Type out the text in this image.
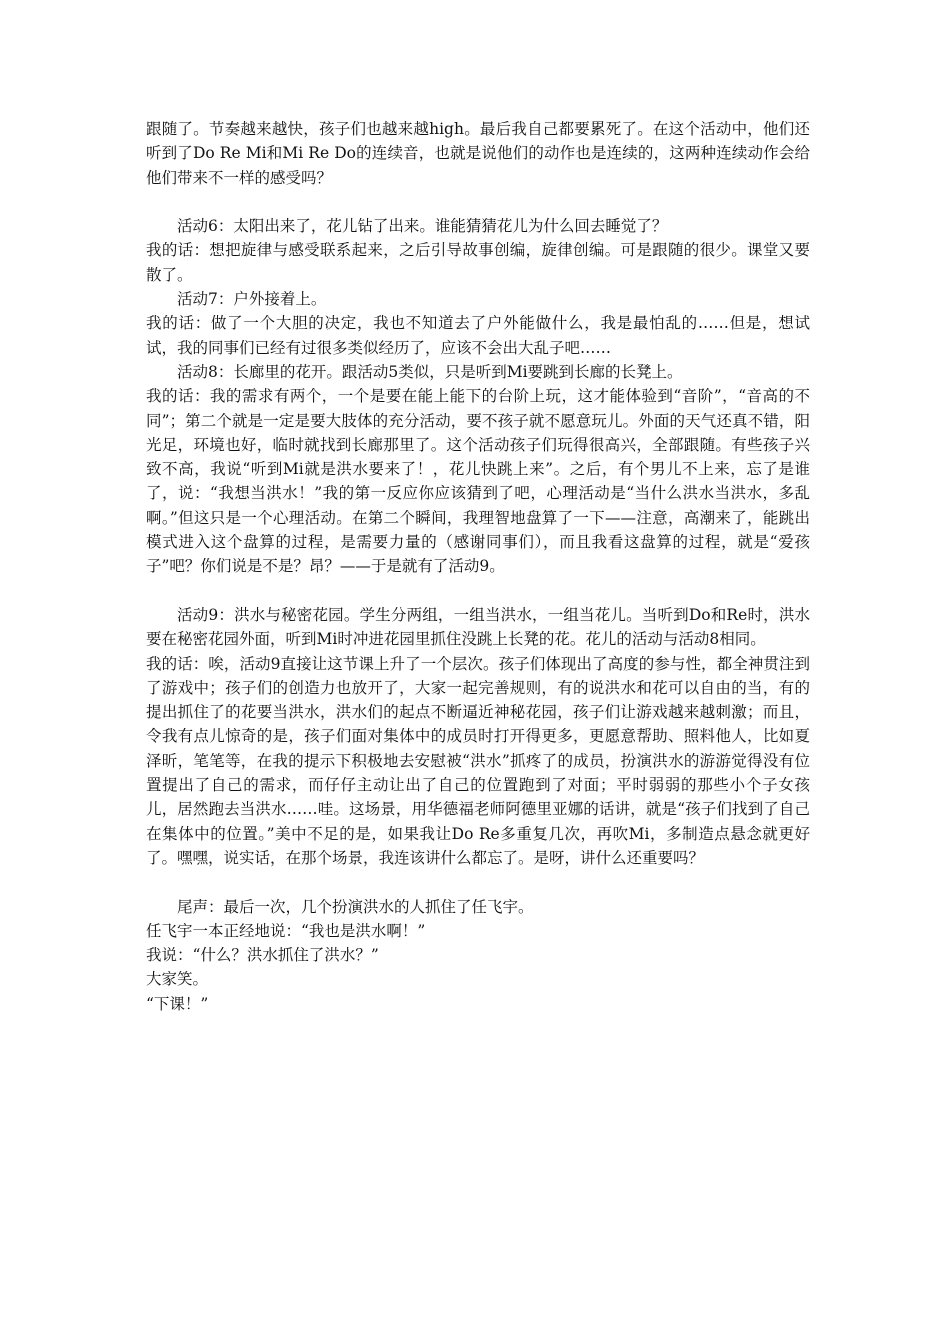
跟随了。节奏越来越快，孩子们也越来越high。最后我自己都要累死了。在这个活动中，他们还听到了Do Re Mi和Mi Re Do的连续音，也就是说他们的动作也是连续的，这两种连续动作会给他们带来不一样的感受吗？

活动6：太阳出来了，花儿钻了出来。谁能猜猜花儿为什么回去睡觉了？

我的话：想把旋律与感受联系起来，之后引导故事创编，旋律创编。可是跟随的很少。课堂又要散了。

活动7：户外接着上。

我的话：做了一个大胆的决定，我也不知道去了户外能做什么，我是最怕乱的……但是，想试试，我的同事们已经有过很多类似经历了，应该不会出大乱子吧……

活动8：长廊里的花开。跟活动5类似，只是听到Mi要跳到长廊的长凳上。

我的话：我的需求有两个，一个是要在能上能下的台阶上玩，这才能体验到“音阶”，“音高的不同”；第二个就是一定是要大肢体的充分活动，要不孩子就不愿意玩儿。外面的天气还真不错，阳光足，环境也好，临时就找到长廊那里了。这个活动孩子们玩得很高兴，全部跟随。有些孩子兴致不高，我说“听到Mi就是洪水要来了！，花儿快跳上来”。之后，有个男儿不上来，忘了是谁了，说：“我想当洪水！”我的第一反应你应该猜到了吧，心理活动是“当什么洪水当洪水，多乱啊。”但这只是一个心理活动。在第二个瞬间，我理智地盘算了一下——注意，高潮来了，能跳出模式进入这个盘算的过程，是需要力量的（感谢同事们），而且我看这盘算的过程，就是“爱孩子”吧？你们说是不是？昂？——于是就有了活动9。

活动9：洪水与秘密花园。学生分两组，一组当洪水，一组当花儿。当听到Do和Re时，洪水要在秘密花园外面，听到Mi时冲进花园里抓住没跳上长凳的花。花儿的活动与活动8相同。

我的话：唉，活动9直接让这节课上升了一个层次。孩子们体现出了高度的参与性，都全神贯注到了游戏中；孩子们的创造力也放开了，大家一起完善规则，有的说洪水和花可以自由的当，有的提出抓住了的花要当洪水，洪水们的起点不断逼近神秘花园，孩子们让游戏越来越刺激；而且，令我有点儿惊奇的是，孩子们面对集体中的成员时打开得更多，更愿意帮助、照料他人，比如夏泽昕，笔笔等，在我的提示下积极地去安慰被“洪水”抓疼了的成员，扮演洪水的游游觉得没有位置提出了自己的需求，而仔仔主动让出了自己的位置跑到了对面；平时弱弱的那些小个子女孩儿，居然跑去当洪水……哇。这场景，用华德福老师阿德里亚娜的话讲，就是“孩子们找到了自己在集体中的位置。”美中不足的是，如果我让Do Re多重复几次，再吹Mi，多制造点悬念就更好了。嘿嘿，说实话，在那个场景，我连该讲什么都忘了。是呀，讲什么还重要吗？

尾声：最后一次，几个扮演洪水的人抓住了任飞宇。

任飞宇一本正经地说：“我也是洪水啊！”

我说：“什么？洪水抓住了洪水？”

大家笑。

“下课！”
